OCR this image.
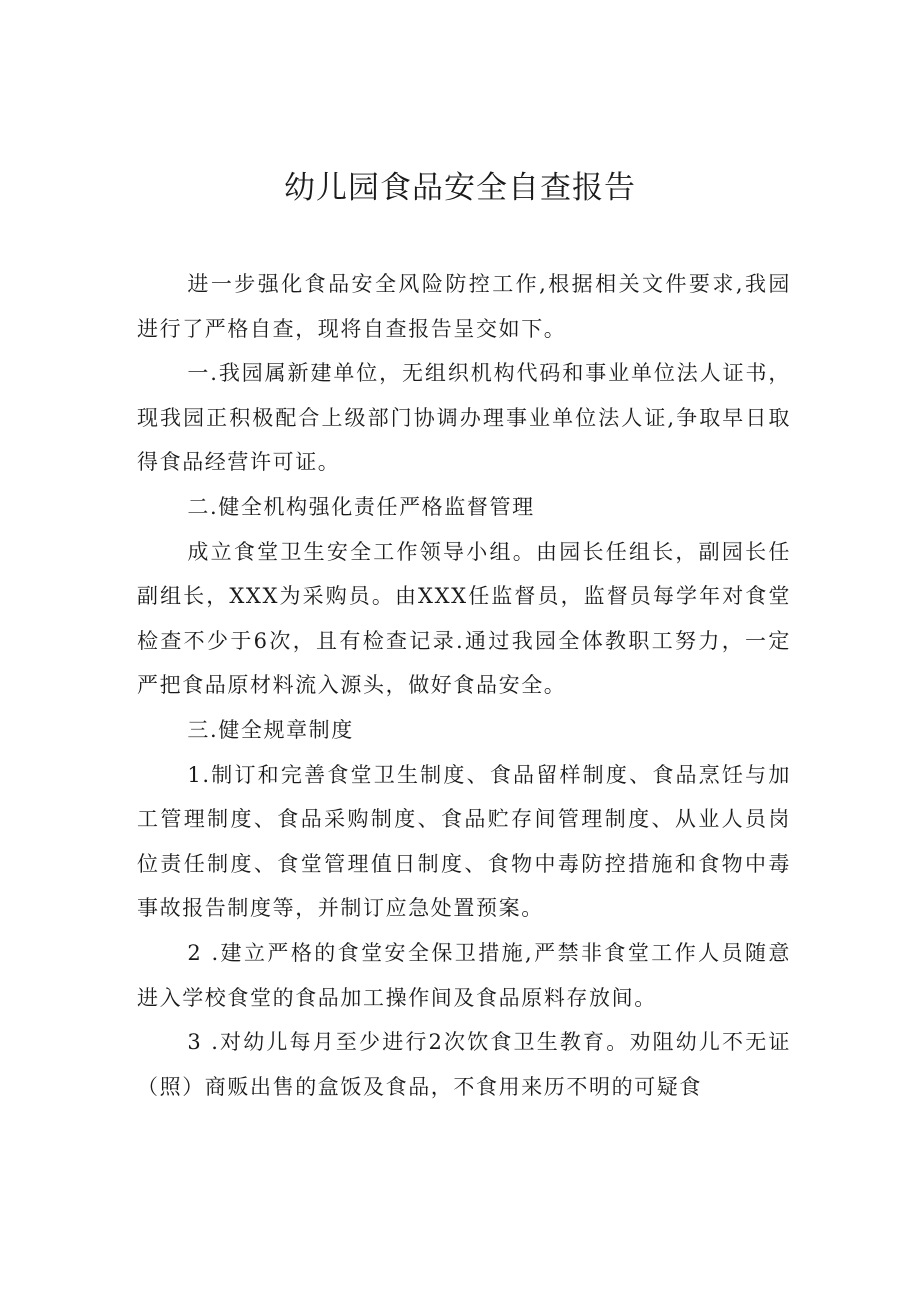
幼儿园食品安全自查报告

进一步强化食品安全风险防控工作,根据相关文件要求,我园进行了严格自查，现将自查报告呈交如下。

一.我园属新建单位，无组织机构代码和事业单位法人证书，现我园正积极配合上级部门协调办理事业单位法人证,争取早日取得食品经营许可证。

二.健全机构强化责任严格监督管理

成立食堂卫生安全工作领导小组。由园长任组长，副园长任副组长，XXX为采购员。由XXX任监督员，监督员每学年对食堂检查不少于6次，且有检查记录.通过我园全体教职工努力，一定严把食品原材料流入源头，做好食品安全。

三.健全规章制度

1.制订和完善食堂卫生制度、食品留样制度、食品烹饪与加工管理制度、食品采购制度、食品贮存间管理制度、从业人员岗位责任制度、食堂管理值日制度、食物中毒防控措施和食物中毒事故报告制度等，并制订应急处置预案。

2 .建立严格的食堂安全保卫措施,严禁非食堂工作人员随意进入学校食堂的食品加工操作间及食品原料存放间。

3 .对幼儿每月至少进行2次饮食卫生教育。劝阻幼儿不无证（照）商贩出售的盒饭及食品，不食用来历不明的可疑食
